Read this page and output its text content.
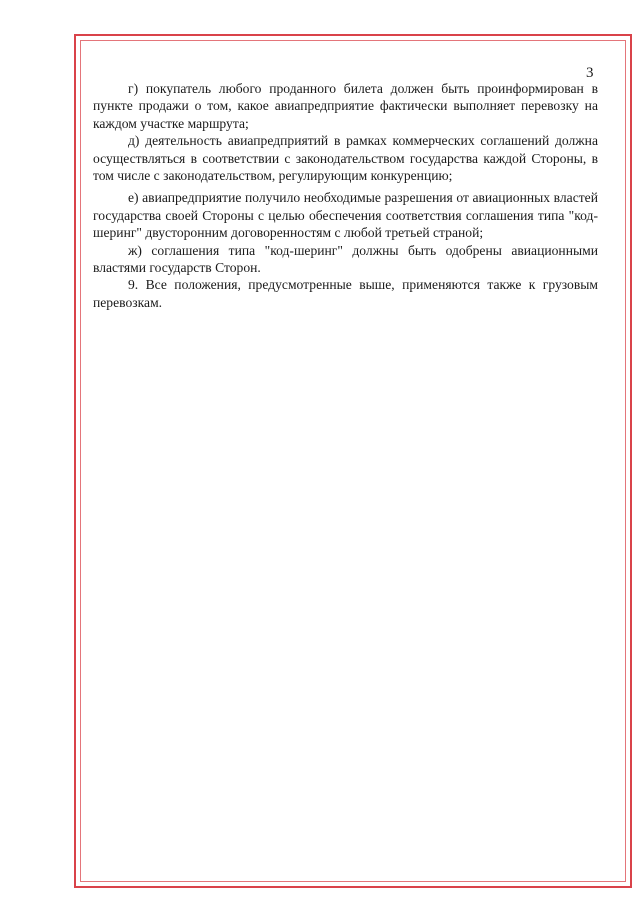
3

г) покупатель любого проданного билета должен быть проинформирован в пункте продажи о том, какое авиапредприятие фактически выполняет перевозку на каждом участке маршрута;

д) деятельность авиапредприятий в рамках коммерческих соглашений должна осуществляться в соответствии с законодательством государства каждой Стороны, в том числе с законодательством, регулирующим конкуренцию;

е) авиапредприятие получило необходимые разрешения от авиационных властей государства своей Стороны с целью обеспечения соответствия соглашения типа "код-шеринг" двусторонним договоренностям с любой третьей страной;

ж) соглашения типа "код-шеринг" должны быть одобрены авиационными властями государств Сторон.

9. Все положения, предусмотренные выше, применяются также к грузовым перевозкам.
